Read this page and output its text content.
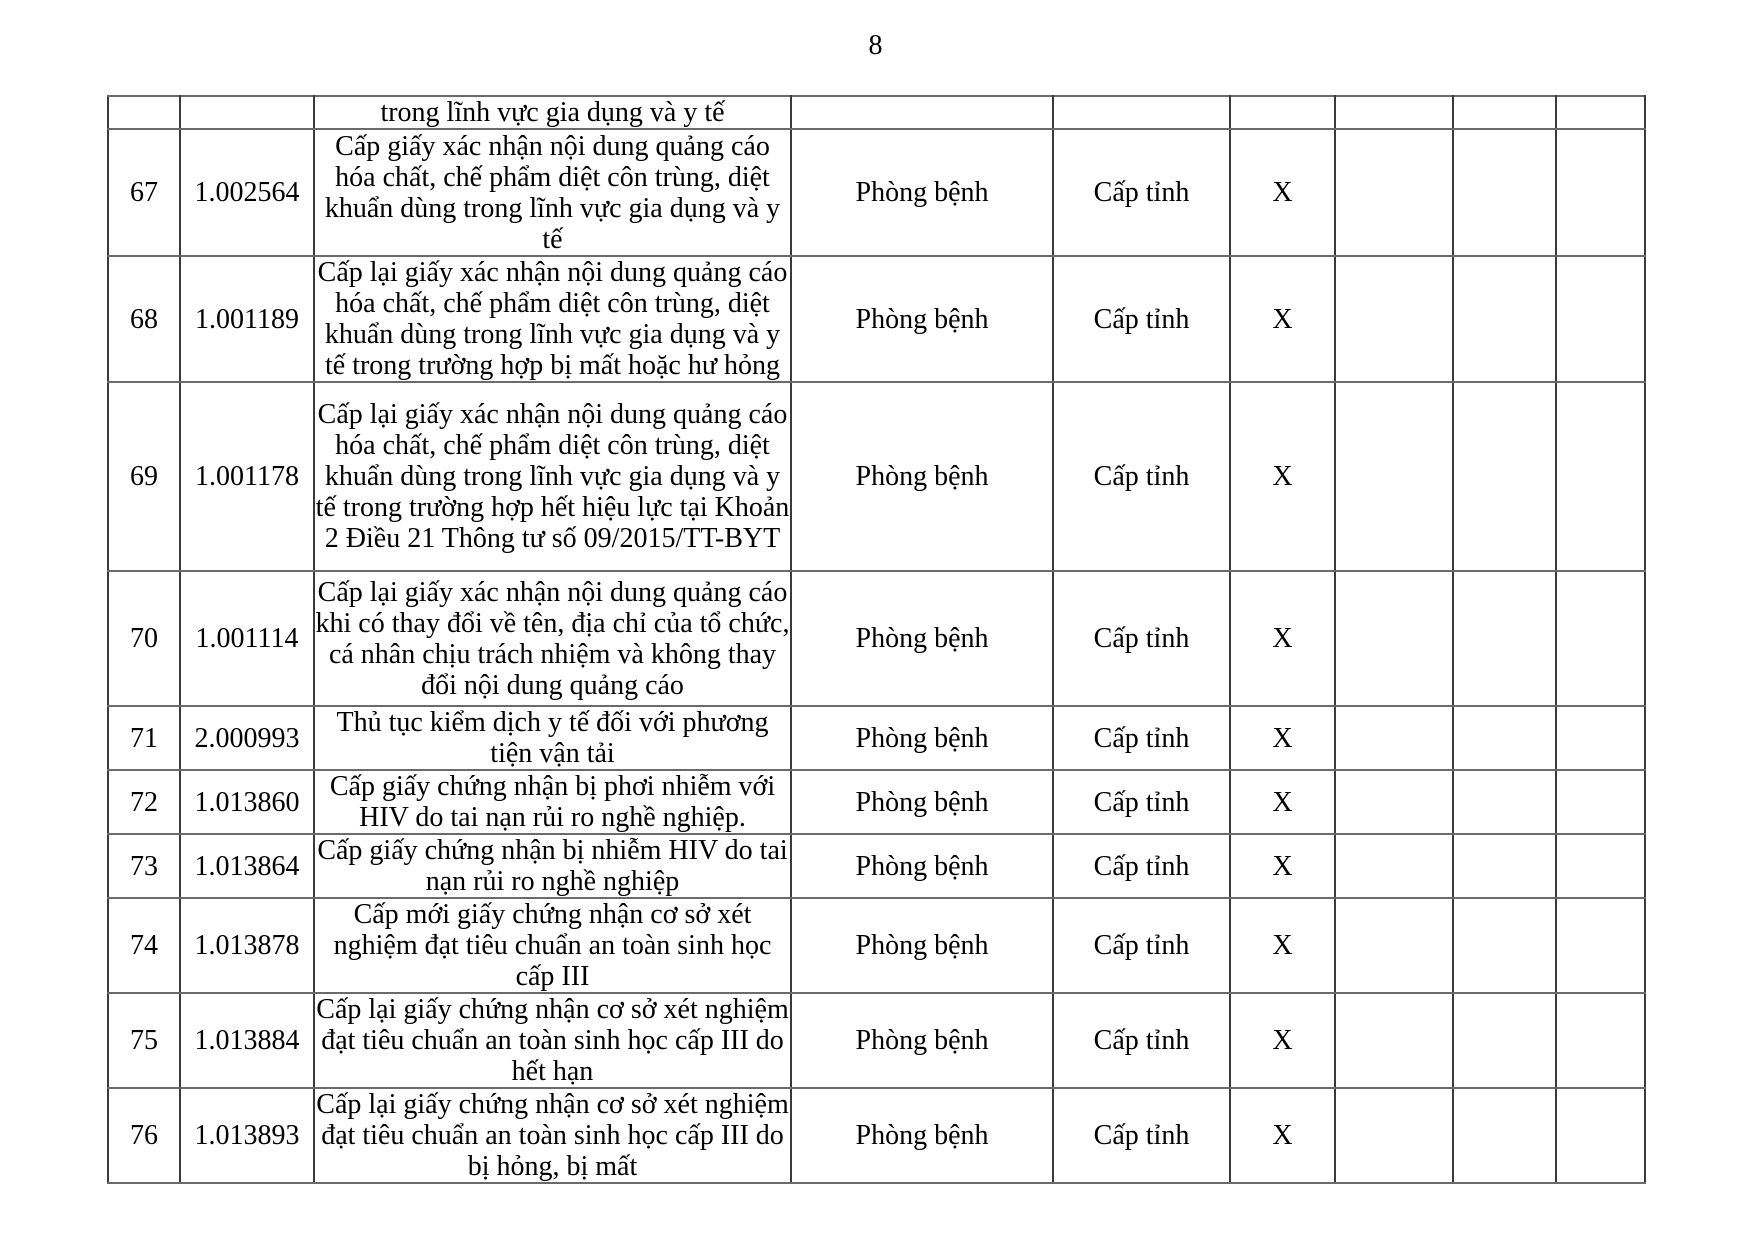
8
		trong lĩnh vực gia dụng và y tế						
67	1.002564	Cấp giấy xác nhận nội dung quảng cáo hóa chất, chế phẩm diệt côn trùng, diệt khuẩn dùng trong lĩnh vực gia dụng và y tế	Phòng bệnh	Cấp tỉnh	X			
68	1.001189	Cấp lại giấy xác nhận nội dung quảng cáo hóa chất, chế phẩm diệt côn trùng, diệt khuẩn dùng trong lĩnh vực gia dụng và y tế trong trường hợp bị mất hoặc hư hỏng	Phòng bệnh	Cấp tỉnh	X			
69	1.001178	Cấp lại giấy xác nhận nội dung quảng cáo hóa chất, chế phẩm diệt côn trùng, diệt khuẩn dùng trong lĩnh vực gia dụng và y tế trong trường hợp hết hiệu lực tại Khoản 2 Điều 21 Thông tư số 09/2015/TT-BYT	Phòng bệnh	Cấp tỉnh	X			
70	1.001114	Cấp lại giấy xác nhận nội dung quảng cáo khi có thay đổi về tên, địa chỉ của tổ chức, cá nhân chịu trách nhiệm và không thay đổi nội dung quảng cáo	Phòng bệnh	Cấp tỉnh	X			
71	2.000993	Thủ tục kiểm dịch y tế đối với phương tiện vận tải	Phòng bệnh	Cấp tỉnh	X			
72	1.013860	Cấp giấy chứng nhận bị phơi nhiễm với HIV do tai nạn rủi ro nghề nghiệp.	Phòng bệnh	Cấp tỉnh	X			
73	1.013864	Cấp giấy chứng nhận bị nhiễm HIV do tai nạn rủi ro nghề nghiệp	Phòng bệnh	Cấp tỉnh	X			
74	1.013878	Cấp mới giấy chứng nhận cơ sở xét nghiệm đạt tiêu chuẩn an toàn sinh học cấp III	Phòng bệnh	Cấp tỉnh	X			
75	1.013884	Cấp lại giấy chứng nhận cơ sở xét nghiệm đạt tiêu chuẩn an toàn sinh học cấp III do hết hạn	Phòng bệnh	Cấp tỉnh	X			
76	1.013893	Cấp lại giấy chứng nhận cơ sở xét nghiệm đạt tiêu chuẩn an toàn sinh học cấp III do bị hỏng, bị mất	Phòng bệnh	Cấp tỉnh	X			
